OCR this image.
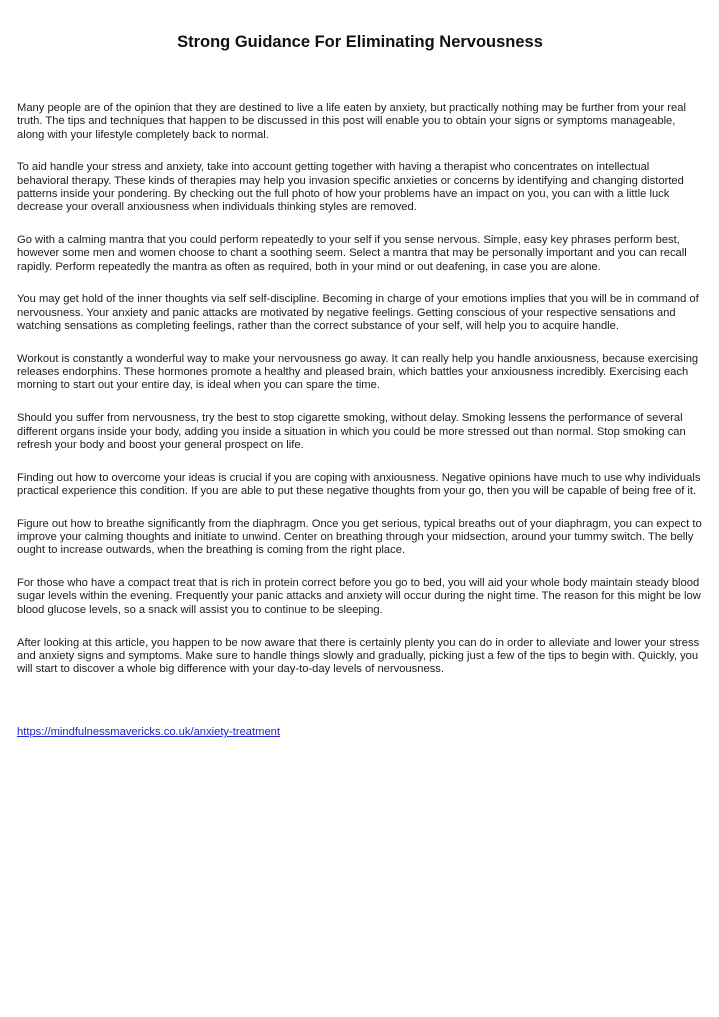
Strong Guidance For Eliminating Nervousness

Many people are of the opinion that they are destined to live a life eaten by anxiety, but practically nothing may be further from your real truth. The tips and techniques that happen to be discussed in this post will enable you to obtain your signs or symptoms manageable, along with your lifestyle completely back to normal.

To aid handle your stress and anxiety, take into account getting together with having a therapist who concentrates on intellectual behavioral therapy. These kinds of therapies may help you invasion specific anxieties or concerns by identifying and changing distorted patterns inside your pondering. By checking out the full photo of how your problems have an impact on you, you can with a little luck decrease your overall anxiousness when individuals thinking styles are removed.

Go with a calming mantra that you could perform repeatedly to your self if you sense nervous. Simple, easy key phrases perform best, however some men and women choose to chant a soothing seem. Select a mantra that may be personally important and you can recall rapidly. Perform repeatedly the mantra as often as required, both in your mind or out deafening, in case you are alone.

You may get hold of the inner thoughts via self self-discipline. Becoming in charge of your emotions implies that you will be in command of nervousness. Your anxiety and panic attacks are motivated by negative feelings. Getting conscious of your respective sensations and watching sensations as completing feelings, rather than the correct substance of your self, will help you to acquire handle.

Workout is constantly a wonderful way to make your nervousness go away. It can really help you handle anxiousness, because exercising releases endorphins. These hormones promote a healthy and pleased brain, which battles your anxiousness incredibly. Exercising each morning to start out your entire day, is ideal when you can spare the time.

Should you suffer from nervousness, try the best to stop cigarette smoking, without delay. Smoking lessens the performance of several different organs inside your body, adding you inside a situation in which you could be more stressed out than normal. Stop smoking can refresh your body and boost your general prospect on life.

Finding out how to overcome your ideas is crucial if you are coping with anxiousness. Negative opinions have much to use why individuals practical experience this condition. If you are able to put these negative thoughts from your go, then you will be capable of being free of it.

Figure out how to breathe significantly from the diaphragm. Once you get serious, typical breaths out of your diaphragm, you can expect to improve your calming thoughts and initiate to unwind. Center on breathing through your midsection, around your tummy switch. The belly ought to increase outwards, when the breathing is coming from the right place.

For those who have a compact treat that is rich in protein correct before you go to bed, you will aid your whole body maintain steady blood sugar levels within the evening. Frequently your panic attacks and anxiety will occur during the night time. The reason for this might be low blood glucose levels, so a snack will assist you to continue to be sleeping.

After looking at this article, you happen to be now aware that there is certainly plenty you can do in order to alleviate and lower your stress and anxiety signs and symptoms. Make sure to handle things slowly and gradually, picking just a few of the tips to begin with. Quickly, you will start to discover a whole big difference with your day-to-day levels of nervousness.

https://mindfulnessmavericks.co.uk/anxiety-treatment
